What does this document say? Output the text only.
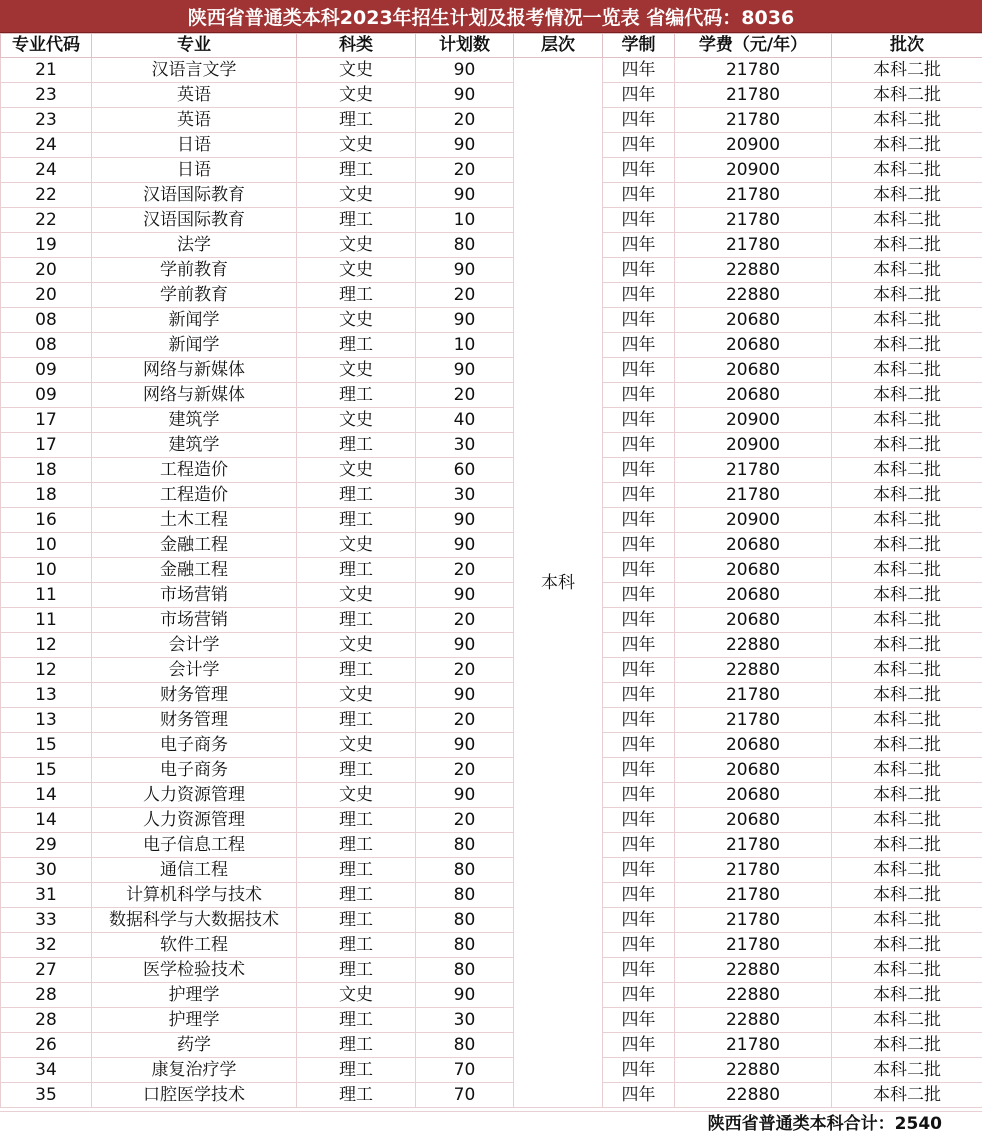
陕西省普通类本科2023年招生计划及报考情况一览表 省编代码：8036
专业代码	专业	科类	计划数	层次	学制	学费（元/年）	批次
21	汉语言文学	文史	90	本科	四年	21780	本科二批
23	英语	文史	90		四年	21780	本科二批
23	英语	理工	20		四年	21780	本科二批
24	日语	文史	90		四年	20900	本科二批
24	日语	理工	20		四年	20900	本科二批
22	汉语国际教育	文史	90		四年	21780	本科二批
22	汉语国际教育	理工	10		四年	21780	本科二批
19	法学	文史	80		四年	21780	本科二批
20	学前教育	文史	90		四年	22880	本科二批
20	学前教育	理工	20		四年	22880	本科二批
08	新闻学	文史	90		四年	20680	本科二批
08	新闻学	理工	10		四年	20680	本科二批
09	网络与新媒体	文史	90		四年	20680	本科二批
09	网络与新媒体	理工	20		四年	20680	本科二批
17	建筑学	文史	40		四年	20900	本科二批
17	建筑学	理工	30		四年	20900	本科二批
18	工程造价	文史	60		四年	21780	本科二批
18	工程造价	理工	30		四年	21780	本科二批
16	土木工程	理工	90		四年	20900	本科二批
10	金融工程	文史	90		四年	20680	本科二批
10	金融工程	理工	20		四年	20680	本科二批
11	市场营销	文史	90		四年	20680	本科二批
11	市场营销	理工	20		四年	20680	本科二批
12	会计学	文史	90		四年	22880	本科二批
12	会计学	理工	20		四年	22880	本科二批
13	财务管理	文史	90		四年	21780	本科二批
13	财务管理	理工	20		四年	21780	本科二批
15	电子商务	文史	90		四年	20680	本科二批
15	电子商务	理工	20		四年	20680	本科二批
14	人力资源管理	文史	90		四年	20680	本科二批
14	人力资源管理	理工	20		四年	20680	本科二批
29	电子信息工程	理工	80		四年	21780	本科二批
30	通信工程	理工	80		四年	21780	本科二批
31	计算机科学与技术	理工	80		四年	21780	本科二批
33	数据科学与大数据技术	理工	80		四年	21780	本科二批
32	软件工程	理工	80		四年	21780	本科二批
27	医学检验技术	理工	80		四年	22880	本科二批
28	护理学	文史	90		四年	22880	本科二批
28	护理学	理工	30		四年	22880	本科二批
26	药学	理工	80		四年	21780	本科二批
34	康复治疗学	理工	70		四年	22880	本科二批
35	口腔医学技术	理工	70		四年	22880	本科二批
陕西省普通类本科合计：2540
